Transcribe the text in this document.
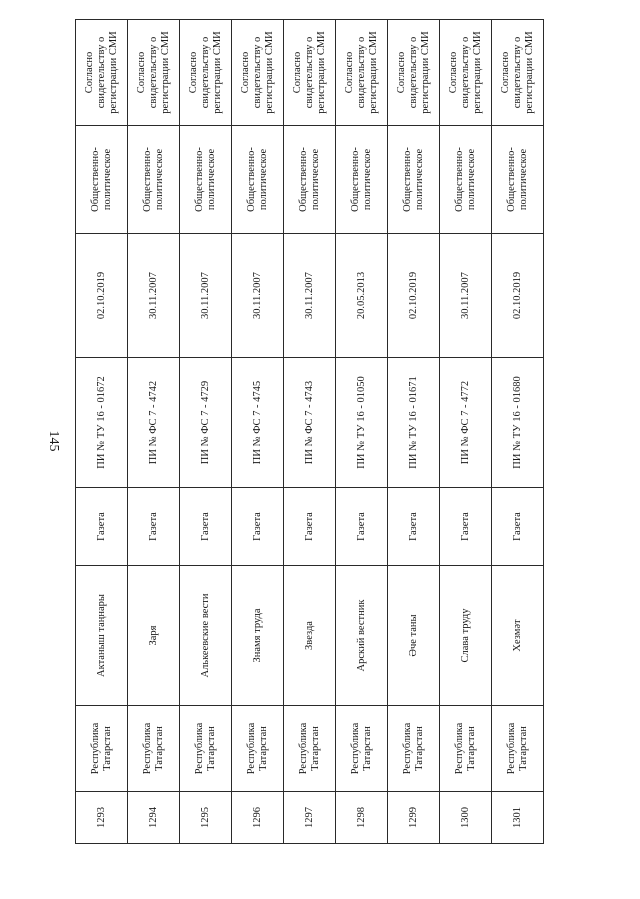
145
1293	Республика Татарстан	Актаныш таңнары	Газета	ПИ № ТУ 16 - 01672	02.10.2019	Общественно-политическое	Согласно свидетельству о регистрации СМИ
1294	Республика Татарстан	Заря	Газета	ПИ № ФС 7 - 4742	30.11.2007	Общественно-политическое	Согласно свидетельству о регистрации СМИ
1295	Республика Татарстан	Алькеевские вести	Газета	ПИ № ФС 7 - 4729	30.11.2007	Общественно-политическое	Согласно свидетельству о регистрации СМИ
1296	Республика Татарстан	Знамя труда	Газета	ПИ № ФС 7 - 4745	30.11.2007	Общественно-политическое	Согласно свидетельству о регистрации СМИ
1297	Республика Татарстан	Звезда	Газета	ПИ № ФС 7 - 4743	30.11.2007	Общественно-политическое	Согласно свидетельству о регистрации СМИ
1298	Республика Татарстан	Арский вестник	Газета	ПИ № ТУ 16 - 01050	20.05.2013	Общественно-политическое	Согласно свидетельству о регистрации СМИ
1299	Республика Татарстан	Әче таны	Газета	ПИ № ТУ 16 - 01671	02.10.2019	Общественно-политическое	Согласно свидетельству о регистрации СМИ
1300	Республика Татарстан	Слава труду	Газета	ПИ № ФС 7 - 4772	30.11.2007	Общественно-политическое	Согласно свидетельству о регистрации СМИ
1301	Республика Татарстан	Хезмәт	Газета	ПИ № ТУ 16 - 01680	02.10.2019	Общественно-политическое	Согласно свидетельству о регистрации СМИ
